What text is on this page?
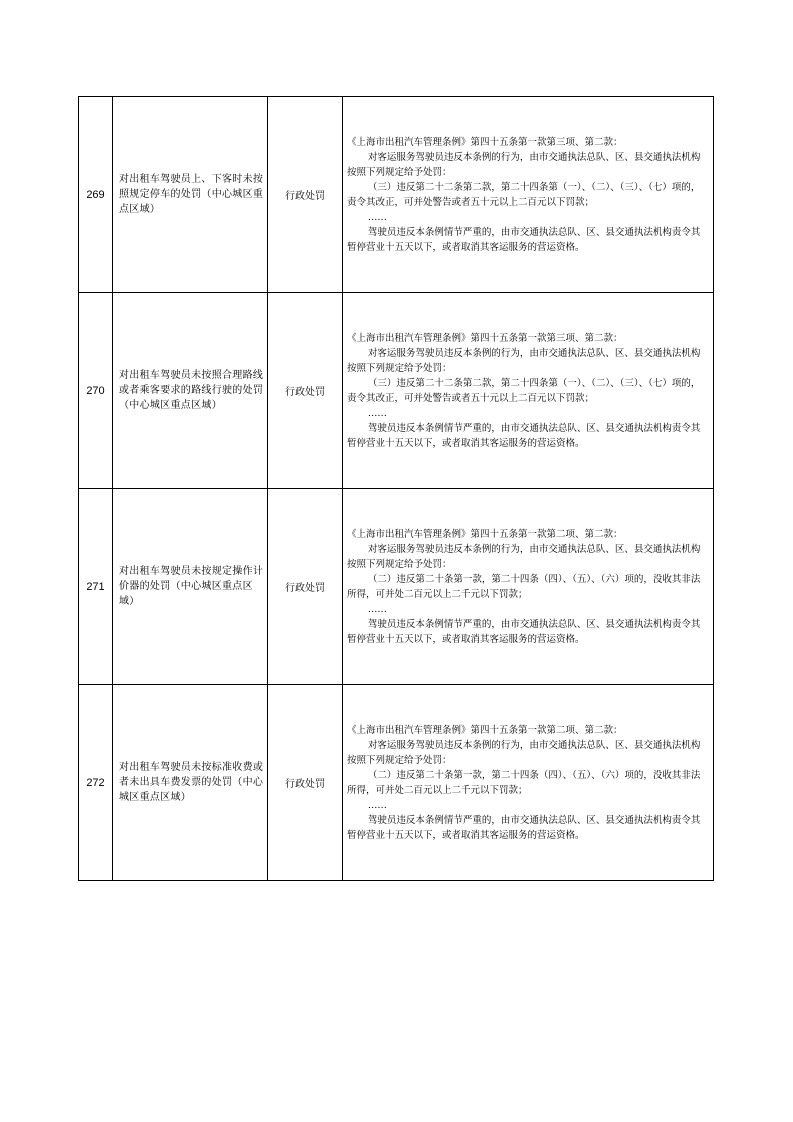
269	对出租车驾驶员上、下客时未按照规定停车的处罚（中心城区重点区域）	行政处罚	《上海市出租汽车管理条例》第四十五条第一款第三项、第二款：

对客运服务驾驶员违反本条例的行为，由市交通执法总队、区、县交通执法机构按照下列规定给予处罚：

（三）违反第二十二条第二款，第二十四条第（一）、（二）、（三）、（七）项的，责令其改正，可并处警告或者五十元以上二百元以下罚款；

……

驾驶员违反本条例情节严重的，由市交通执法总队、区、县交通执法机构责令其暂停营业十五天以下，或者取消其客运服务的营运资格。

270	对出租车驾驶员未按照合理路线或者乘客要求的路线行驶的处罚（中心城区重点区域）	行政处罚	《上海市出租汽车管理条例》第四十五条第一款第三项、第二款：

对客运服务驾驶员违反本条例的行为，由市交通执法总队、区、县交通执法机构按照下列规定给予处罚：

（三）违反第二十二条第二款，第二十四条第（一）、（二）、（三）、（七）项的，责令其改正，可并处警告或者五十元以上二百元以下罚款；

……

驾驶员违反本条例情节严重的，由市交通执法总队、区、县交通执法机构责令其暂停营业十五天以下，或者取消其客运服务的营运资格。

271	对出租车驾驶员未按规定操作计价器的处罚（中心城区重点区域）	行政处罚	《上海市出租汽车管理条例》第四十五条第一款第二项、第二款：

对客运服务驾驶员违反本条例的行为，由市交通执法总队、区、县交通执法机构按照下列规定给予处罚：

（二）违反第二十条第一款，第二十四条（四）、（五）、（六）项的，没收其非法所得，可并处二百元以上二千元以下罚款；

……

驾驶员违反本条例情节严重的，由市交通执法总队、区、县交通执法机构责令其暂停营业十五天以下，或者取消其客运服务的营运资格。

272	对出租车驾驶员未按标准收费或者未出具车费发票的处罚（中心城区重点区域）	行政处罚	《上海市出租汽车管理条例》第四十五条第一款第二项、第二款：

对客运服务驾驶员违反本条例的行为，由市交通执法总队、区、县交通执法机构按照下列规定给予处罚：

（二）违反第二十条第一款，第二十四条（四）、（五）、（六）项的，没收其非法所得，可并处二百元以上二千元以下罚款；

……

驾驶员违反本条例情节严重的，由市交通执法总队、区、县交通执法机构责令其暂停营业十五天以下，或者取消其客运服务的营运资格。
